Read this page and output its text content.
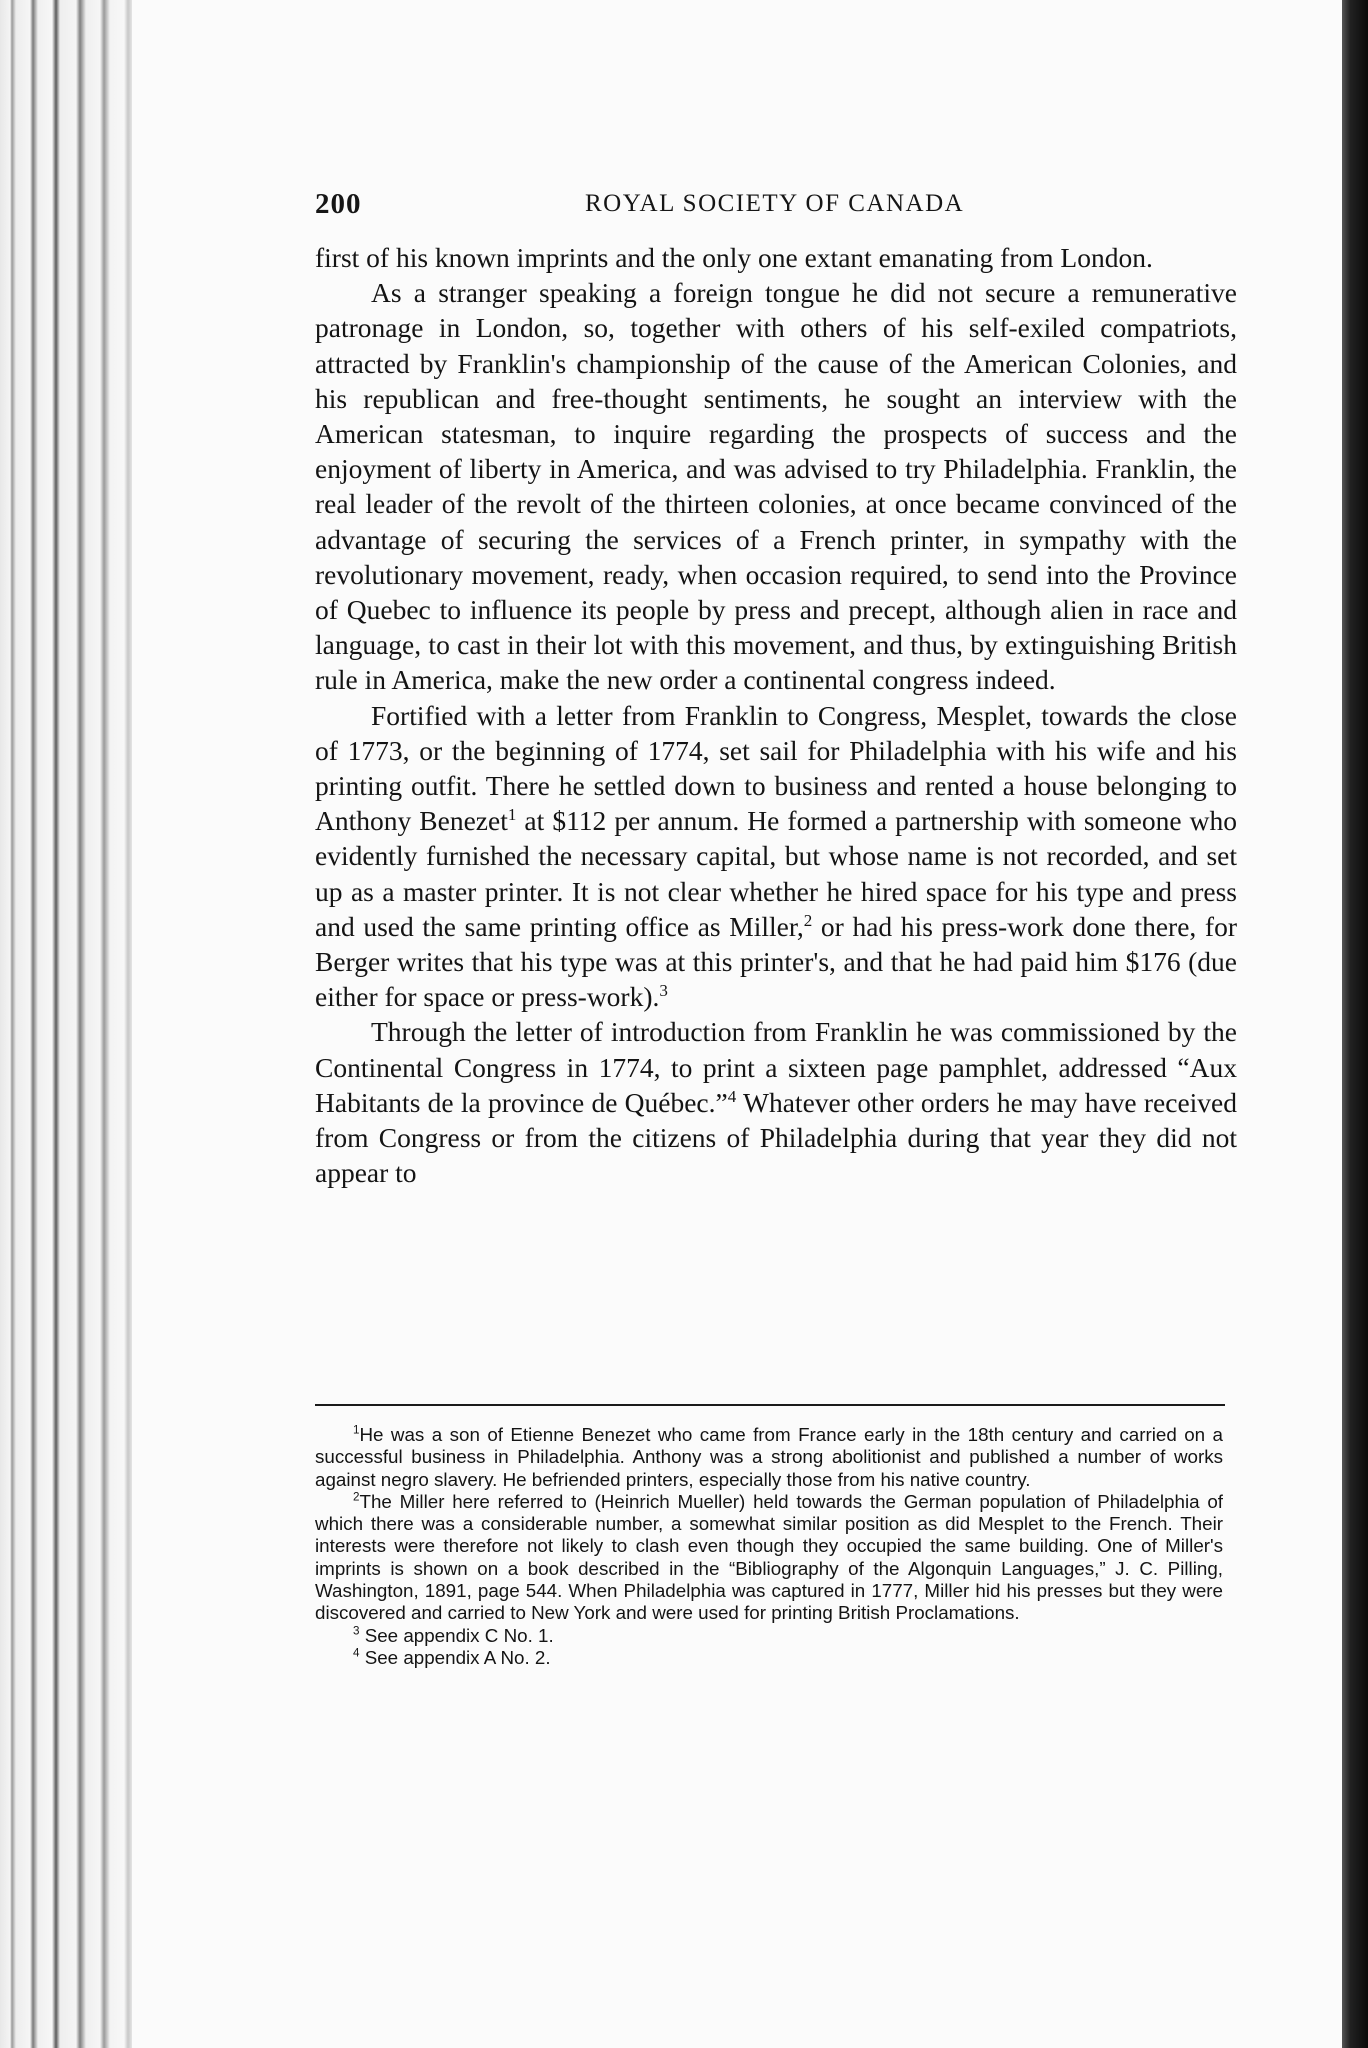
200	ROYAL SOCIETY OF CANADA

first of his known imprints and the only one extant emanating from London.

As a stranger speaking a foreign tongue he did not secure a remunerative patronage in London, so, together with others of his self-exiled compatriots, attracted by Franklin's championship of the cause of the American Colonies, and his republican and free-thought sentiments, he sought an interview with the American statesman, to inquire regarding the prospects of success and the enjoyment of liberty in America, and was advised to try Philadelphia. Franklin, the real leader of the revolt of the thirteen colonies, at once became convinced of the advantage of securing the services of a French printer, in sympathy with the revolutionary movement, ready, when occasion required, to send into the Province of Quebec to influence its people by press and precept, although alien in race and language, to cast in their lot with this movement, and thus, by extinguishing British rule in America, make the new order a continental congress indeed.

Fortified with a letter from Franklin to Congress, Mesplet, towards the close of 1773, or the beginning of 1774, set sail for Philadelphia with his wife and his printing outfit. There he settled down to business and rented a house belonging to Anthony Benezet$^1$ at $112 per annum. He formed a partnership with someone who evidently furnished the necessary capital, but whose name is not recorded, and set up as a master printer. It is not clear whether he hired space for his type and press and used the same printing office as Miller,$^2$ or had his press-work done there, for Berger writes that his type was at this printer's, and that he had paid him $176 (due either for space or press-work).$^3$

Through the letter of introduction from Franklin he was commissioned by the Continental Congress in 1774, to print a sixteen page pamphlet, addressed “Aux Habitants de la province de Québec.”$^4$ Whatever other orders he may have received from Congress or from the citizens of Philadelphia during that year they did not appear to

$^1$He was a son of Etienne Benezet who came from France early in the 18th century and carried on a successful business in Philadelphia. Anthony was a strong abolitionist and published a number of works against negro slavery. He befriended printers, especially those from his native country.

$^2$The Miller here referred to (Heinrich Mueller) held towards the German population of Philadelphia of which there was a considerable number, a somewhat similar position as did Mesplet to the French. Their interests were therefore not likely to clash even though they occupied the same building. One of Miller's imprints is shown on a book described in the “Bibliography of the Algonquin Languages,” J. C. Pilling, Washington, 1891, page 544. When Philadelphia was captured in 1777, Miller hid his presses but they were discovered and carried to New York and were used for printing British Proclamations.

$^3$ See appendix C No. 1.

$^4$ See appendix A No. 2.
